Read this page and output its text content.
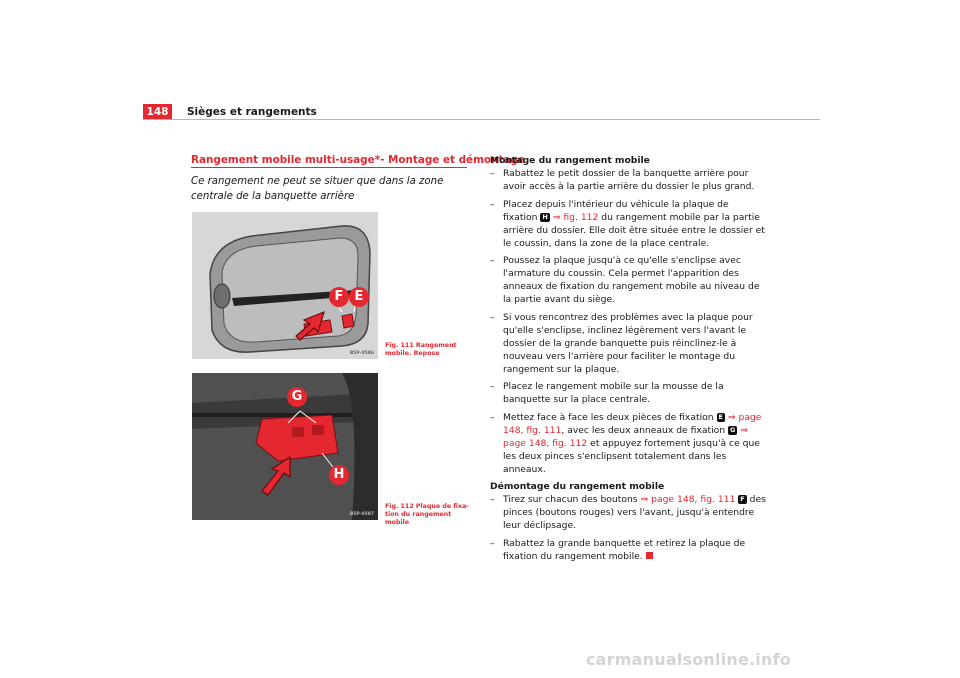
148	Sièges et rangements
Rangement mobile multi-usage*- Montage et démontage
Ce rangement ne peut se situer que dans la zone centrale de la banquette arrière
F E
B5P-0586
Fig. 111 Rangement mobile. Repose
G
H
B5P-0587
Fig. 112 Plaque de fixa-tion du rangement mobile

Montage du rangement mobile

– Rabattez le petit dossier de la banquette arrière pour avoir accès à la partie arrière du dossier le plus grand.
– Placez depuis l'intérieur du véhicule la plaque de fixation H ⇒ fig. 112 du rangement mobile par la partie arrière du dossier. Elle doit être située entre le dossier et le coussin, dans la zone de la place centrale.
– Poussez la plaque jusqu'à ce qu'elle s'enclipse avec l'armature du coussin. Cela permet l'apparition des anneaux de fixation du rangement mobile au niveau de la partie avant du siège.
– Si vous rencontrez des problèmes avec la plaque pour qu'elle s'enclipse, inclinez légèrement vers l'avant le dossier de la grande banquette puis réinclinez-le à nouveau vers l'arrière pour faciliter le montage du rangement sur la plaque.
– Placez le rangement mobile sur la mousse de la banquette sur la place centrale.
– Mettez face à face les deux pièces de fixation E ⇒ page 148, fig. 111, avec les deux anneaux de fixation G ⇒ page 148, fig. 112 et appuyez fortement jusqu'à ce que les deux pinces s'enclipsent totalement dans les anneaux.

Démontage du rangement mobile

– Tirez sur chacun des boutons ⇒ page 148, fig. 111 F des pinces (boutons rouges) vers l'avant, jusqu'à entendre leur déclipsage.
– Rabattez la grande banquette et retirez la plaque de fixation du rangement mobile.
carmanualsonline.info
